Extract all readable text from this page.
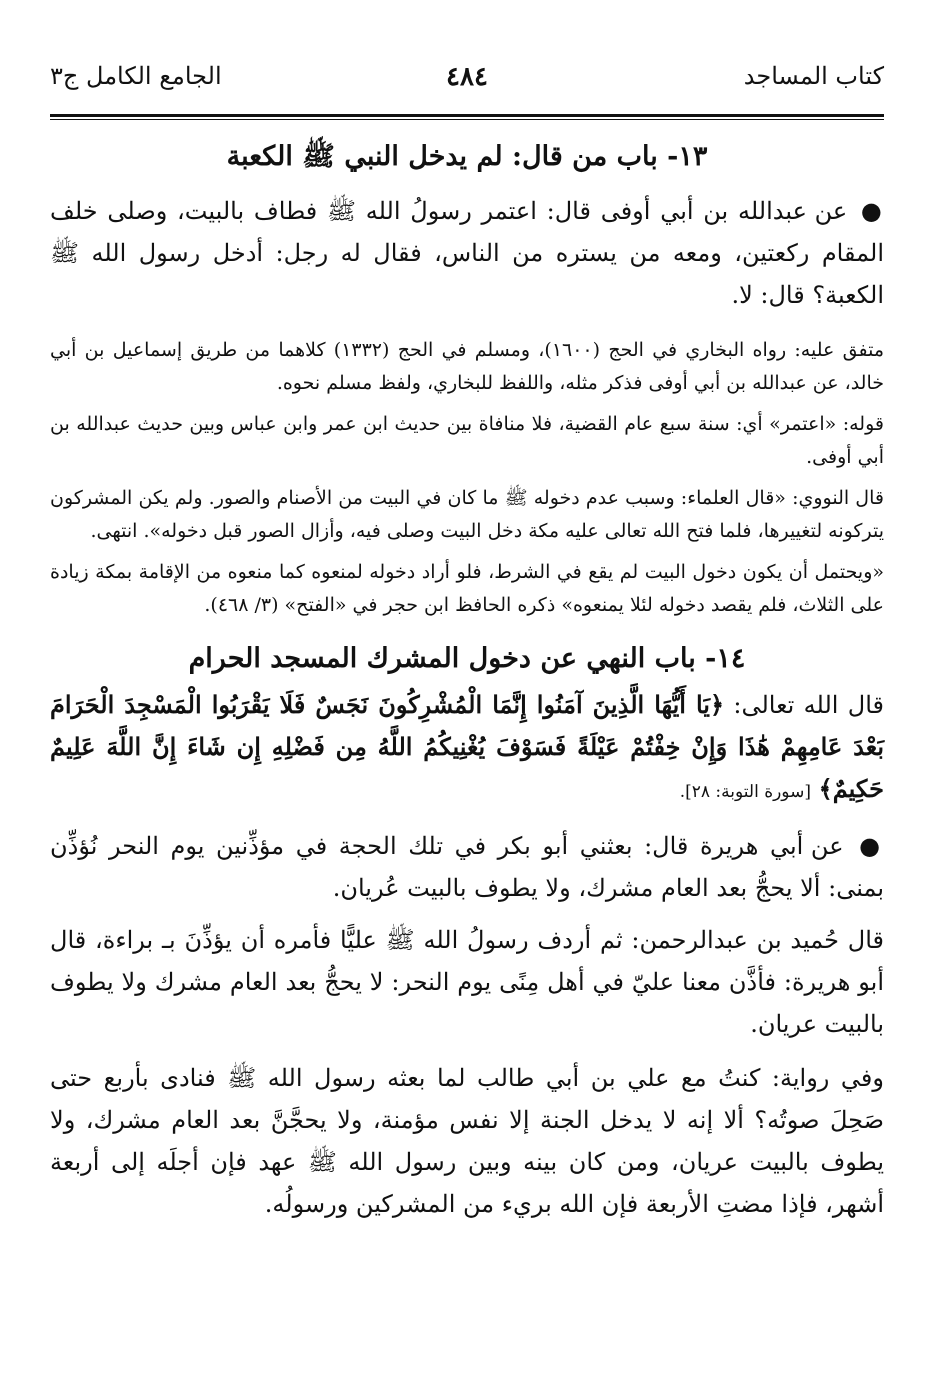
كتاب المساجد
٤٨٤
الجامع الكامل ج٣
١٣- باب من قال: لم يدخل النبي ﷺ الكعبة

● عن عبدالله بن أبي أوفى قال: اعتمر رسولُ الله ﷺ فطاف بالبيت، وصلى خلف المقام ركعتين، ومعه من يستره من الناس، فقال له رجل: أدخل رسول الله ﷺ الكعبة؟ قال: لا.

متفق عليه: رواه البخاري في الحج (١٦٠٠)، ومسلم في الحج (١٣٣٢) كلاهما من طريق إسماعيل بن أبي خالد، عن عبدالله بن أبي أوفى فذكر مثله، واللفظ للبخاري، ولفظ مسلم نحوه.

قوله: «اعتمر» أي: سنة سبع عام القضية، فلا منافاة بين حديث ابن عمر وابن عباس وبين حديث عبدالله بن أبي أوفى.

قال النووي: «قال العلماء: وسبب عدم دخوله ﷺ ما كان في البيت من الأصنام والصور. ولم يكن المشركون يتركونه لتغييرها، فلما فتح الله تعالى عليه مكة دخل البيت وصلى فيه، وأزال الصور قبل دخوله». انتهى.

«ويحتمل أن يكون دخول البيت لم يقع في الشرط، فلو أراد دخوله لمنعوه كما منعوه من الإقامة بمكة زيادة على الثلاث، فلم يقصد دخوله لئلا يمنعوه» ذكره الحافظ ابن حجر في «الفتح» (٣/ ٤٦٨).

١٤- باب النهي عن دخول المشرك المسجد الحرام

قال الله تعالى: ﴿يَا أَيُّهَا الَّذِينَ آمَنُوا إِنَّمَا الْمُشْرِكُونَ نَجَسٌ فَلَا يَقْرَبُوا الْمَسْجِدَ الْحَرَامَ بَعْدَ عَامِهِمْ هَٰذَا وَإِنْ خِفْتُمْ عَيْلَةً فَسَوْفَ يُغْنِيكُمُ اللَّهُ مِن فَضْلِهِ إِن شَاءَ إِنَّ اللَّهَ عَلِيمٌ حَكِيمٌ﴾ [سورة التوبة: ٢٨].

● عن أبي هريرة قال: بعثني أبو بكر في تلك الحجة في مؤذِّنين يوم النحر نُؤذِّن بمنى: ألا يحجُّ بعد العام مشرك، ولا يطوف بالبيت عُريان.

قال حُميد بن عبدالرحمن: ثم أردف رسولُ الله ﷺ عليًّا فأمره أن يؤذِّنَ بـ براءة، قال أبو هريرة: فأذَّن معنا عليّ في أهل مِنًى يوم النحر: لا يحجُّ بعد العام مشرك ولا يطوف بالبيت عريان.

وفي رواية: كنتُ مع علي بن أبي طالب لما بعثه رسول الله ﷺ فنادى بأربع حتى صَحِلَ صوتُه؟ ألا إنه لا يدخل الجنة إلا نفس مؤمنة، ولا يحجَّنَّ بعد العام مشرك، ولا يطوف بالبيت عريان، ومن كان بينه وبين رسول الله ﷺ عهد فإن أجلَه إلى أربعة أشهر، فإذا مضتِ الأربعة فإن الله بريء من المشركين ورسولُه.
